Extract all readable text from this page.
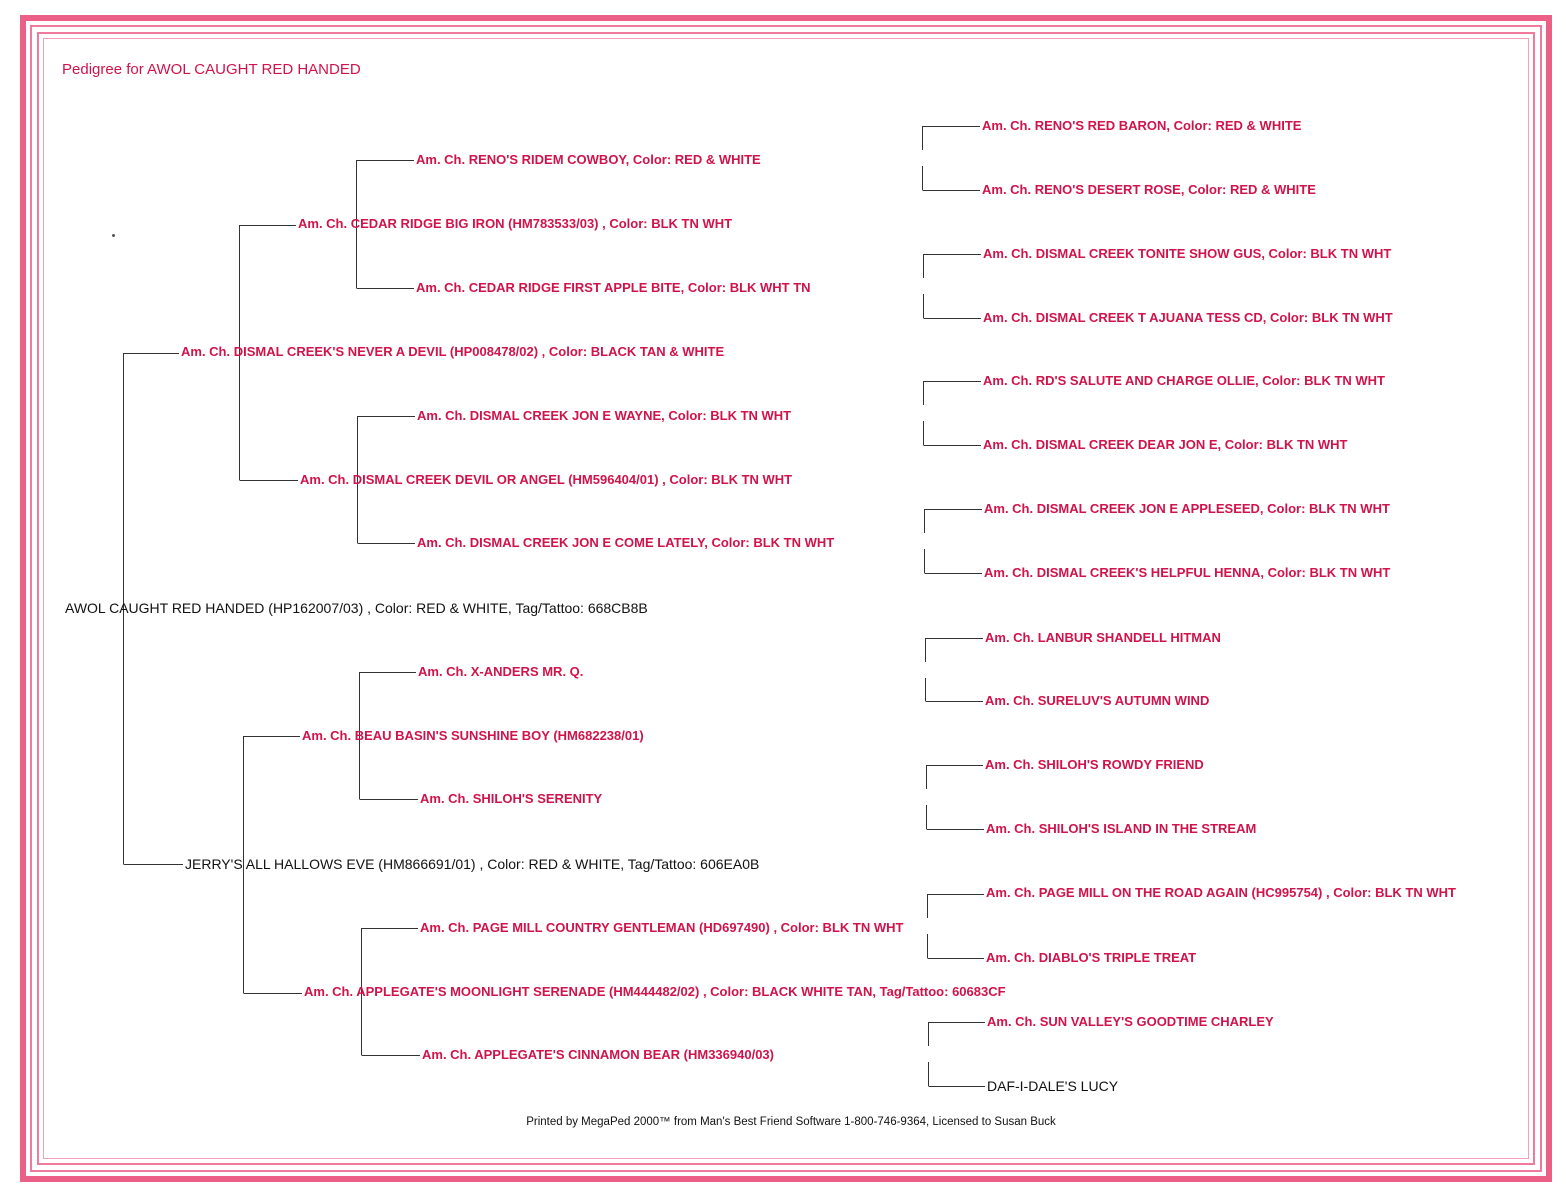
Pedigree for AWOL CAUGHT RED HANDED
AWOL CAUGHT RED HANDED (HP162007/03) , Color: RED & WHITE, Tag/Tattoo: 668CB8B
Am. Ch. DISMAL CREEK'S NEVER A DEVIL (HP008478/02) , Color: BLACK TAN & WHITE
JERRY'S ALL HALLOWS EVE (HM866691/01) , Color: RED & WHITE, Tag/Tattoo: 606EA0B
Am. Ch. CEDAR RIDGE BIG IRON (HM783533/03) , Color: BLK TN WHT
Am. Ch. DISMAL CREEK DEVIL OR ANGEL (HM596404/01) , Color: BLK TN WHT
Am. Ch. BEAU BASIN'S SUNSHINE BOY (HM682238/01)
Am. Ch. APPLEGATE'S MOONLIGHT SERENADE (HM444482/02) , Color: BLACK WHITE TAN, Tag/Tattoo: 60683CF
Am. Ch. RENO'S RIDEM COWBOY, Color: RED & WHITE
Am. Ch. CEDAR RIDGE FIRST APPLE BITE, Color: BLK WHT TN
Am. Ch. DISMAL CREEK JON E WAYNE, Color: BLK TN WHT
Am. Ch. DISMAL CREEK JON E COME LATELY, Color: BLK TN WHT
Am. Ch. X-ANDERS MR. Q.
Am. Ch. SHILOH'S SERENITY
Am. Ch. PAGE MILL COUNTRY GENTLEMAN (HD697490) , Color: BLK TN WHT
Am. Ch. APPLEGATE'S CINNAMON BEAR (HM336940/03)
Am. Ch. RENO'S RED BARON, Color: RED & WHITE
Am. Ch. RENO'S DESERT ROSE, Color: RED & WHITE
Am. Ch. DISMAL CREEK TONITE SHOW GUS, Color: BLK TN WHT
Am. Ch. DISMAL CREEK T AJUANA TESS CD, Color: BLK TN WHT
Am. Ch. RD'S SALUTE AND CHARGE OLLIE, Color: BLK TN WHT
Am. Ch. DISMAL CREEK DEAR JON E, Color: BLK TN WHT
Am. Ch. DISMAL CREEK JON E APPLESEED, Color: BLK TN WHT
Am. Ch. DISMAL CREEK'S HELPFUL HENNA, Color: BLK TN WHT
Am. Ch. LANBUR SHANDELL HITMAN
Am. Ch. SURELUV'S AUTUMN WIND
Am. Ch. SHILOH'S ROWDY FRIEND
Am. Ch. SHILOH'S ISLAND IN THE STREAM
Am. Ch. PAGE MILL ON THE ROAD AGAIN (HC995754) , Color: BLK TN WHT
Am. Ch. DIABLO'S TRIPLE TREAT
Am. Ch. SUN VALLEY'S GOODTIME CHARLEY
DAF-I-DALE'S LUCY
Printed by MegaPed 2000™ from Man's Best Friend Software 1-800-746-9364, Licensed to Susan Buck
